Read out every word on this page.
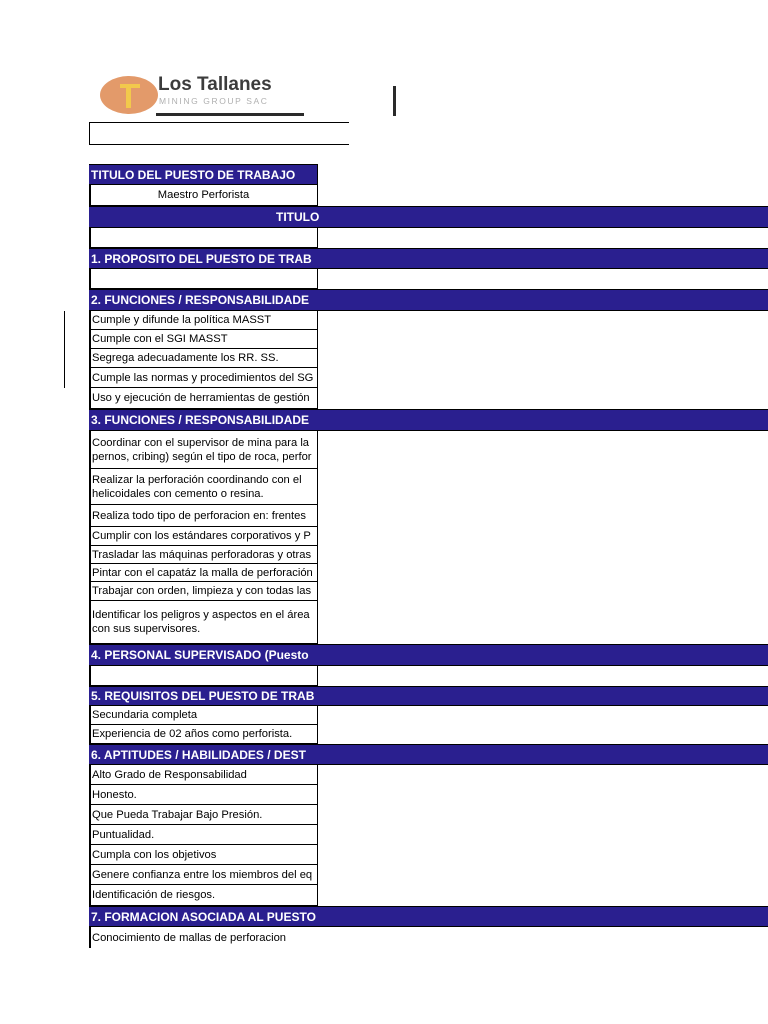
Los Tallanes
MINING GROUP SAC
TITULO DEL PUESTO DE TRABAJO
Maestro Perforista
TITULO
1. PROPOSITO DEL PUESTO DE TRAB
2. FUNCIONES / RESPONSABILIDADE
Cumple y difunde la política MASST
Cumple con el SGI MASST
Segrega adecuadamente los RR. SS.
Cumple las normas y procedimientos del SG
Uso y ejecución de herramientas de gestión
3. FUNCIONES / RESPONSABILIDADE
Coordinar con el supervisor de mina para la
pernos, cribing) según el tipo de roca, perfor
Realizar la perforación coordinando con el
helicoidales con cemento o resina.
Realiza todo tipo de perforacion en: frentes
Cumplir con los estándares corporativos y P
Trasladar las máquinas perforadoras y otras
Pintar con el capatáz la malla de perforación
Trabajar con orden, limpieza y con todas las
Identificar los peligros y aspectos en el área
con sus supervisores.
4. PERSONAL SUPERVISADO (Puesto
5. REQUISITOS DEL PUESTO DE TRAB
Secundaria completa
Experiencia de 02 años como perforista.
6. APTITUDES / HABILIDADES / DEST
Alto Grado de Responsabilidad
Honesto.
Que Pueda Trabajar Bajo Presión.
Puntualidad.
Cumpla con los objetivos
Genere confianza entre los miembros del eq
Identificación de riesgos.
7. FORMACION ASOCIADA AL PUESTO
Conocimiento de mallas de perforacion
